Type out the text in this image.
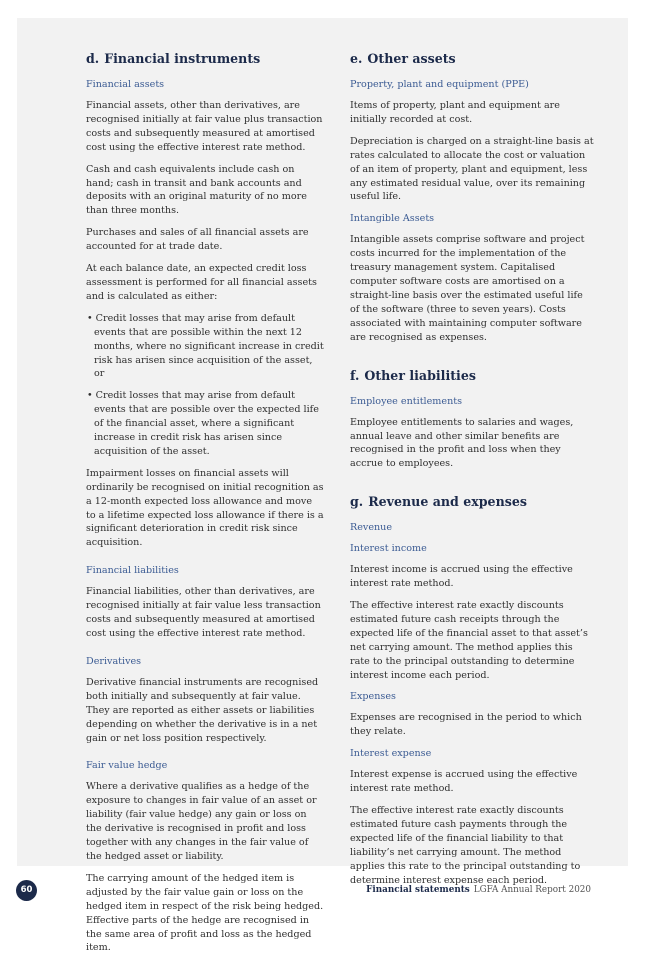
d. Financial instruments
Financial assets

Financial assets, other than derivatives, are recognised initially at fair value plus transaction costs and subsequently measured at amortised cost using the effective interest rate method.

Cash and cash equivalents include cash on hand; cash in transit and bank accounts and deposits with an original maturity of no more than three months.

Purchases and sales of all financial assets are accounted for at trade date.

At each balance date, an expected credit loss assessment is performed for all financial assets and is calculated as either:

• Credit losses that may arise from default events that are possible within the next 12 months, where no significant increase in credit risk has arisen since acquisition of the asset, or
• Credit losses that may arise from default events that are possible over the expected life of the financial asset, where a significant increase in credit risk has arisen since acquisition of the asset.

Impairment losses on financial assets will ordinarily be recognised on initial recognition as a 12-month expected loss allowance and move to a lifetime expected loss allowance if there is a significant deterioration in credit risk since acquisition.

Financial liabilities

Financial liabilities, other than derivatives, are recognised initially at fair value less transaction costs and subsequently measured at amortised cost using the effective interest rate method.

Derivatives

Derivative financial instruments are recognised both initially and subsequently at fair value. They are reported as either assets or liabilities depending on whether the derivative is in a net gain or net loss position respectively.

Fair value hedge

Where a derivative qualifies as a hedge of the exposure to changes in fair value of an asset or liability (fair value hedge) any gain or loss on the derivative is recognised in profit and loss together with any changes in the fair value of the hedged asset or liability.

The carrying amount of the hedged item is adjusted by the fair value gain or loss on the hedged item in respect of the risk being hedged. Effective parts of the hedge are recognised in the same area of profit and loss as the hedged item.

e. Other assets
Property, plant and equipment (PPE)

Items of property, plant and equipment are initially recorded at cost.

Depreciation is charged on a straight-line basis at rates calculated to allocate the cost or valuation of an item of property, plant and equipment, less any estimated residual value, over its remaining useful life.

Intangible Assets

Intangible assets comprise software and project costs incurred for the implementation of the treasury management system. Capitalised computer software costs are amortised on a straight-line basis over the estimated useful life of the software (three to seven years). Costs associated with maintaining computer software are recognised as expenses.

f. Other liabilities
Employee entitlements

Employee entitlements to salaries and wages, annual leave and other similar benefits are recognised in the profit and loss when they accrue to employees.

g. Revenue and expenses
Revenue
Interest income

Interest income is accrued using the effective interest rate method.

The effective interest rate exactly discounts estimated future cash receipts through the expected life of the financial asset to that asset’s net carrying amount. The method applies this rate to the principal outstanding to determine interest income each period.

Expenses

Expenses are recognised in the period to which they relate.

Interest expense

Interest expense is accrued using the effective interest rate method.

The effective interest rate exactly discounts estimated future cash payments through the expected life of the financial liability to that liability’s net carrying amount. The method applies this rate to the principal outstanding to determine interest expense each period.

60	Financial statements LGFA Annual Report 2020
